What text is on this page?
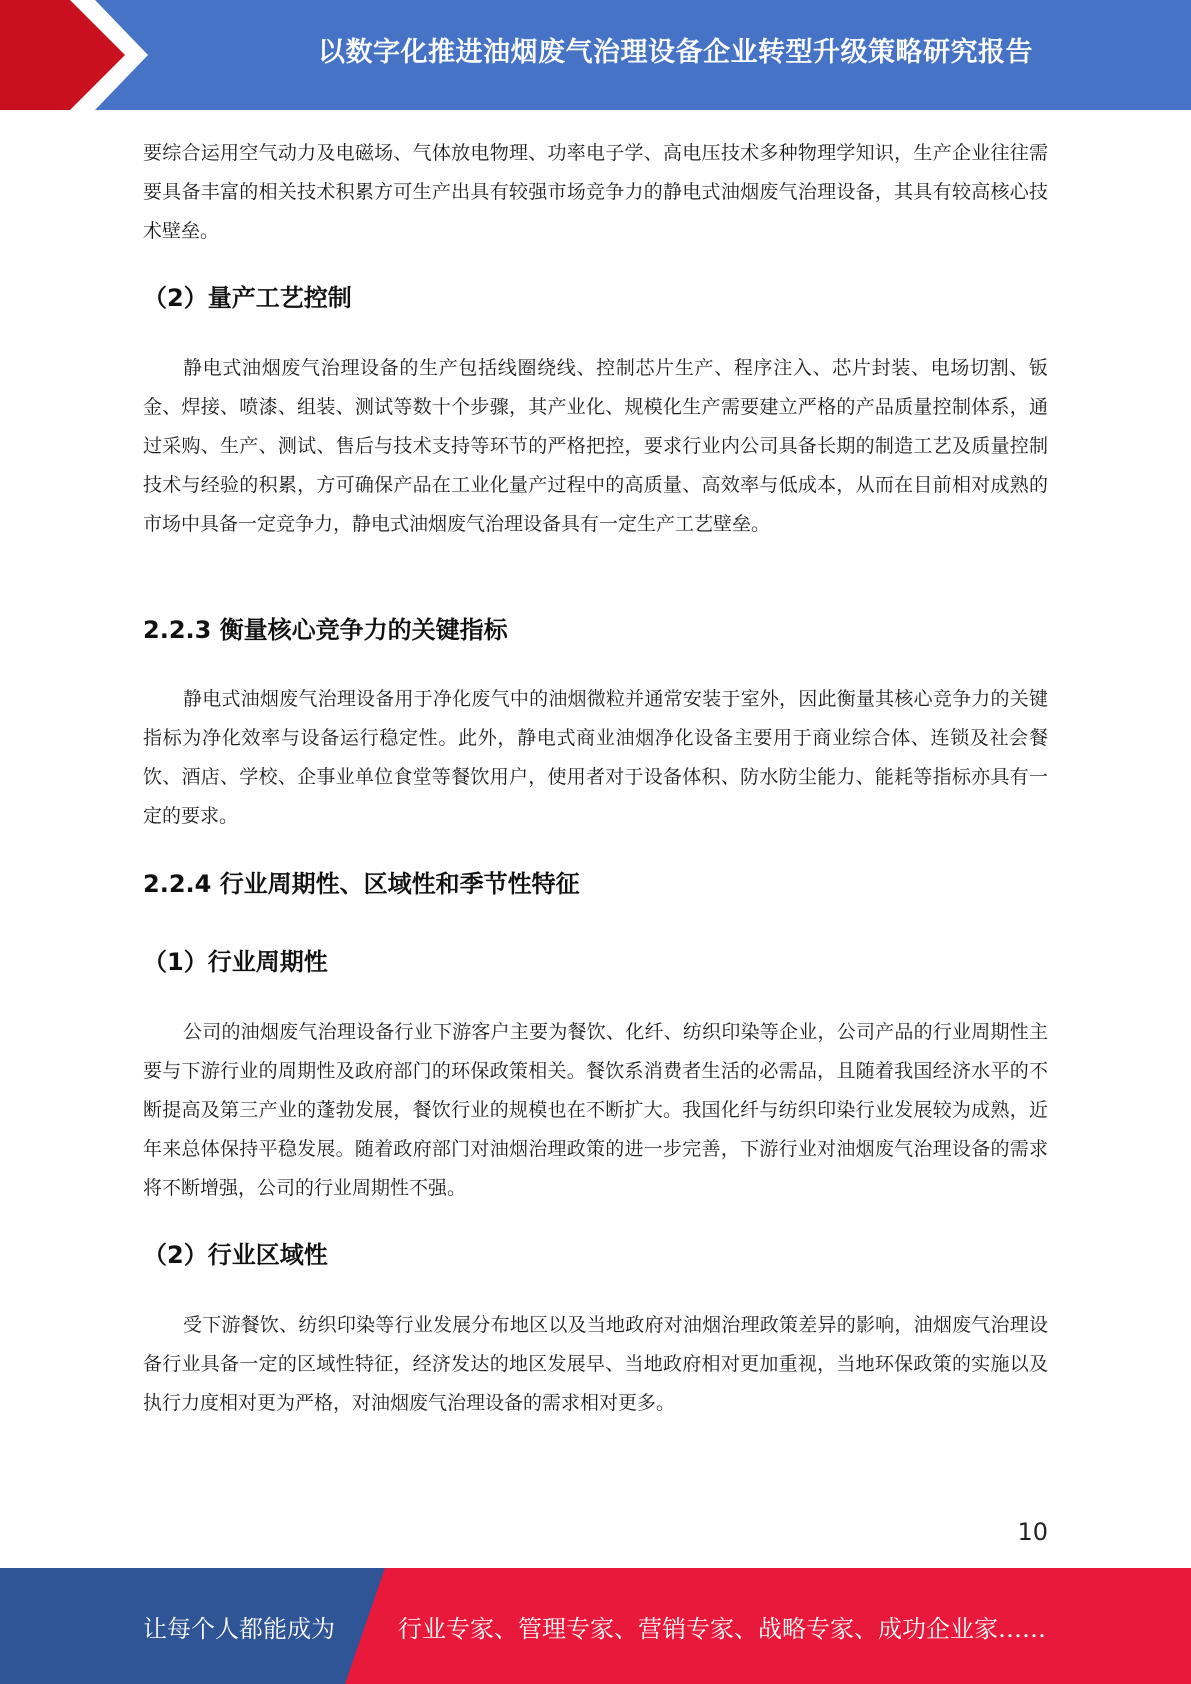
以数字化推进油烟废气治理设备企业转型升级策略研究报告

要综合运用空气动力及电磁场、气体放电物理、功率电子学、高电压技术多种物理学知识，生产企业往往需要具备丰富的相关技术积累方可生产出具有较强市场竞争力的静电式油烟废气治理设备，其具有较高核心技术壁垒。

（2）量产工艺控制

静电式油烟废气治理设备的生产包括线圈绕线、控制芯片生产、程序注入、芯片封装、电场切割、钣金、焊接、喷漆、组装、测试等数十个步骤，其产业化、规模化生产需要建立严格的产品质量控制体系，通过采购、生产、测试、售后与技术支持等环节的严格把控，要求行业内公司具备长期的制造工艺及质量控制技术与经验的积累，方可确保产品在工业化量产过程中的高质量、高效率与低成本，从而在目前相对成熟的市场中具备一定竞争力，静电式油烟废气治理设备具有一定生产工艺壁垒。

2.2.3 衡量核心竞争力的关键指标

静电式油烟废气治理设备用于净化废气中的油烟微粒并通常安装于室外，因此衡量其核心竞争力的关键指标为净化效率与设备运行稳定性。此外，静电式商业油烟净化设备主要用于商业综合体、连锁及社会餐饮、酒店、学校、企事业单位食堂等餐饮用户，使用者对于设备体积、防水防尘能力、能耗等指标亦具有一定的要求。

2.2.4 行业周期性、区域性和季节性特征
（1）行业周期性

公司的油烟废气治理设备行业下游客户主要为餐饮、化纤、纺织印染等企业，公司产品的行业周期性主要与下游行业的周期性及政府部门的环保政策相关。餐饮系消费者生活的必需品，且随着我国经济水平的不断提高及第三产业的蓬勃发展，餐饮行业的规模也在不断扩大。我国化纤与纺织印染行业发展较为成熟，近年来总体保持平稳发展。随着政府部门对油烟治理政策的进一步完善，下游行业对油烟废气治理设备的需求将不断增强，公司的行业周期性不强。

（2）行业区域性

受下游餐饮、纺织印染等行业发展分布地区以及当地政府对油烟治理政策差异的影响，油烟废气治理设备行业具备一定的区域性特征，经济发达的地区发展早、当地政府相对更加重视，当地环保政策的实施以及执行力度相对更为严格，对油烟废气治理设备的需求相对更多。

10
让每个人都能成为	行业专家、管理专家、营销专家、战略专家、成功企业家……
